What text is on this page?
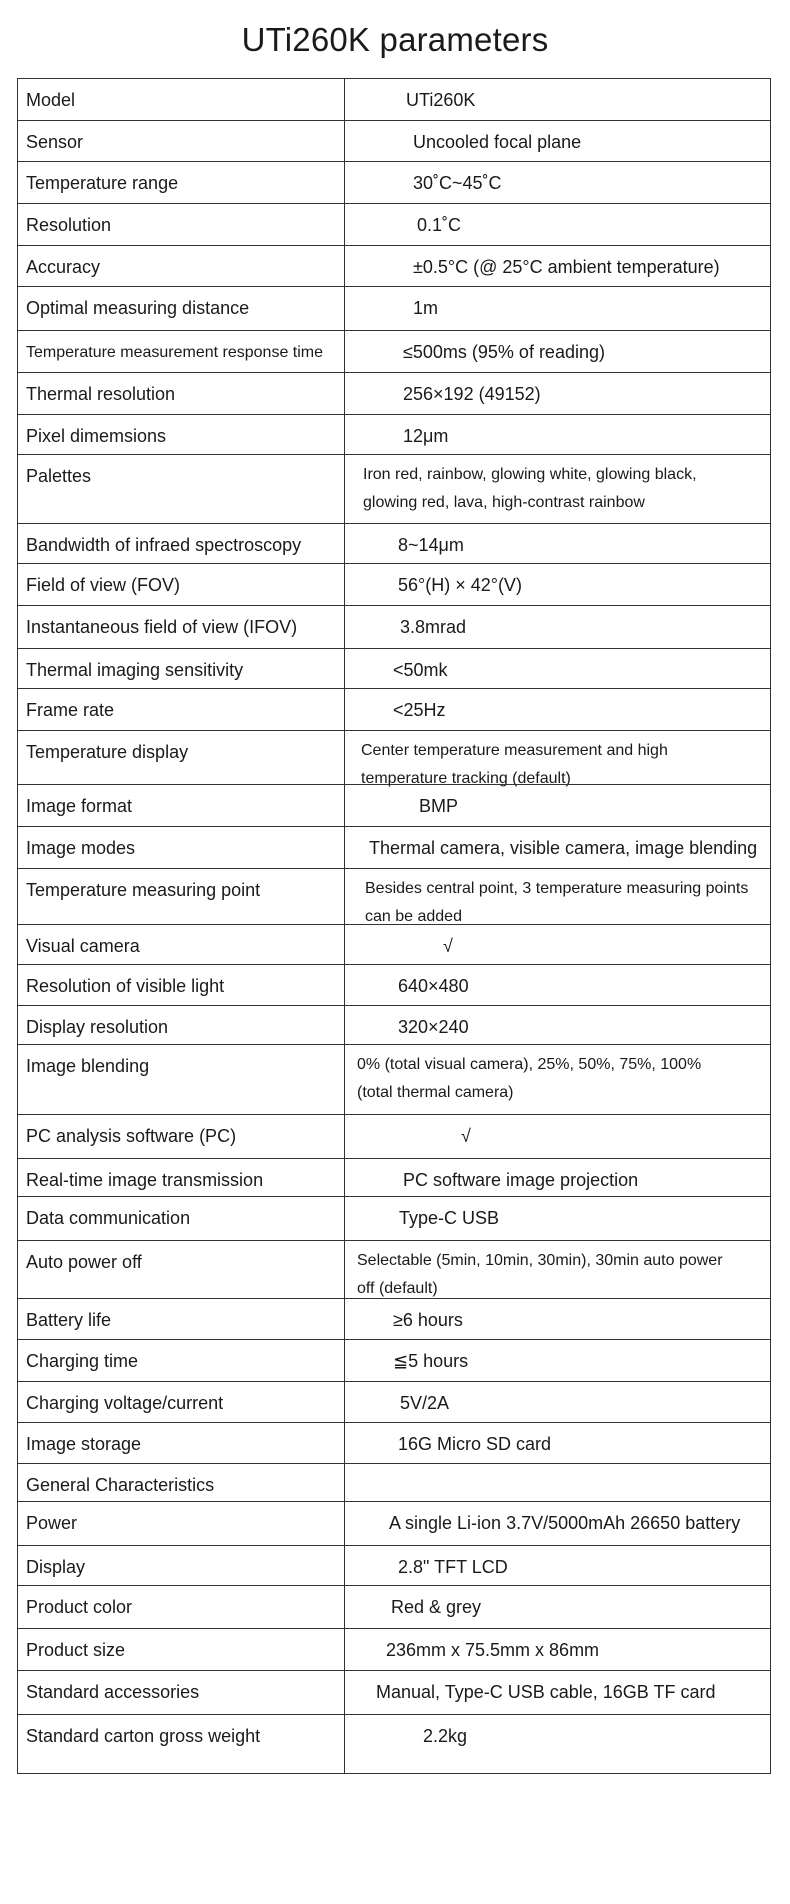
UTi260K parameters
Model	UTi260K
Sensor	Uncooled focal plane
Temperature range	30˚C~45˚C
Resolution	0.1˚C
Accuracy	±0.5°C (@ 25°C ambient temperature)
Optimal measuring distance	1m
Temperature measurement response time	≤500ms (95% of reading)
Thermal resolution	256×192 (49152)
Pixel dimemsions	12μm
Palettes	Iron red, rainbow, glowing white, glowing black,
glowing red, lava, high-contrast rainbow
Bandwidth of infraed spectroscopy	8~14μm
Field of view (FOV)	56°(H) × 42°(V)
Instantaneous field of view (IFOV)	3.8mrad
Thermal imaging sensitivity	<50mk
Frame rate	<25Hz
Temperature display	Center temperature measurement and high
temperature tracking (default)
Image format	BMP
Image modes	Thermal camera, visible camera, image blending
Temperature measuring point	Besides central point, 3 temperature measuring points
can be added
Visual camera	√
Resolution of visible light	640×480
Display resolution	320×240
Image blending	0% (total visual camera), 25%, 50%, 75%, 100%
(total thermal camera)
PC analysis software (PC)	√
Real-time image transmission	PC software image projection
Data communication	Type-C USB
Auto power off	Selectable (5min, 10min, 30min), 30min auto power
off (default)
Battery life	≥6 hours
Charging time	≦5 hours
Charging voltage/current	5V/2A
Image storage	16G Micro SD card
General Characteristics
Power	A single Li-ion 3.7V/5000mAh 26650 battery
Display	2.8" TFT LCD
Product color	Red & grey
Product size	236mm x 75.5mm x 86mm
Standard accessories	Manual, Type-C USB cable, 16GB TF card
Standard carton gross weight	2.2kg
